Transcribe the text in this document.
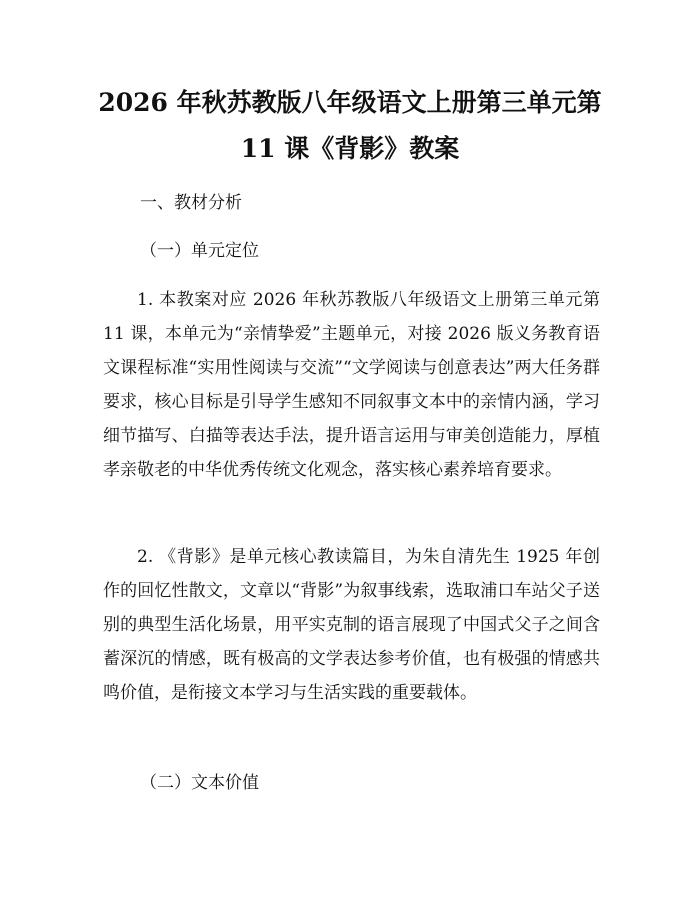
2026 年秋苏教版八年级语文上册第三单元第
11 课《背影》教案

一、教材分析

（一）单元定位

1. 本教案对应 2026 年秋苏教版八年级语文上册第三单元第 11 课，本单元为“亲情挚爱”主题单元，对接 2026 版义务教育语文课程标准“实用性阅读与交流”“文学阅读与创意表达”两大任务群要求，核心目标是引导学生感知不同叙事文本中的亲情内涵，学习细节描写、白描等表达手法，提升语言运用与审美创造能力，厚植孝亲敬老的中华优秀传统文化观念，落实核心素养培育要求。

2. 《背影》是单元核心教读篇目，为朱自清先生 1925 年创作的回忆性散文，文章以“背影”为叙事线索，选取浦口车站父子送别的典型生活化场景，用平实克制的语言展现了中国式父子之间含蓄深沉的情感，既有极高的文学表达参考价值，也有极强的情感共鸣价值，是衔接文本学习与生活实践的重要载体。

（二）文本价值
